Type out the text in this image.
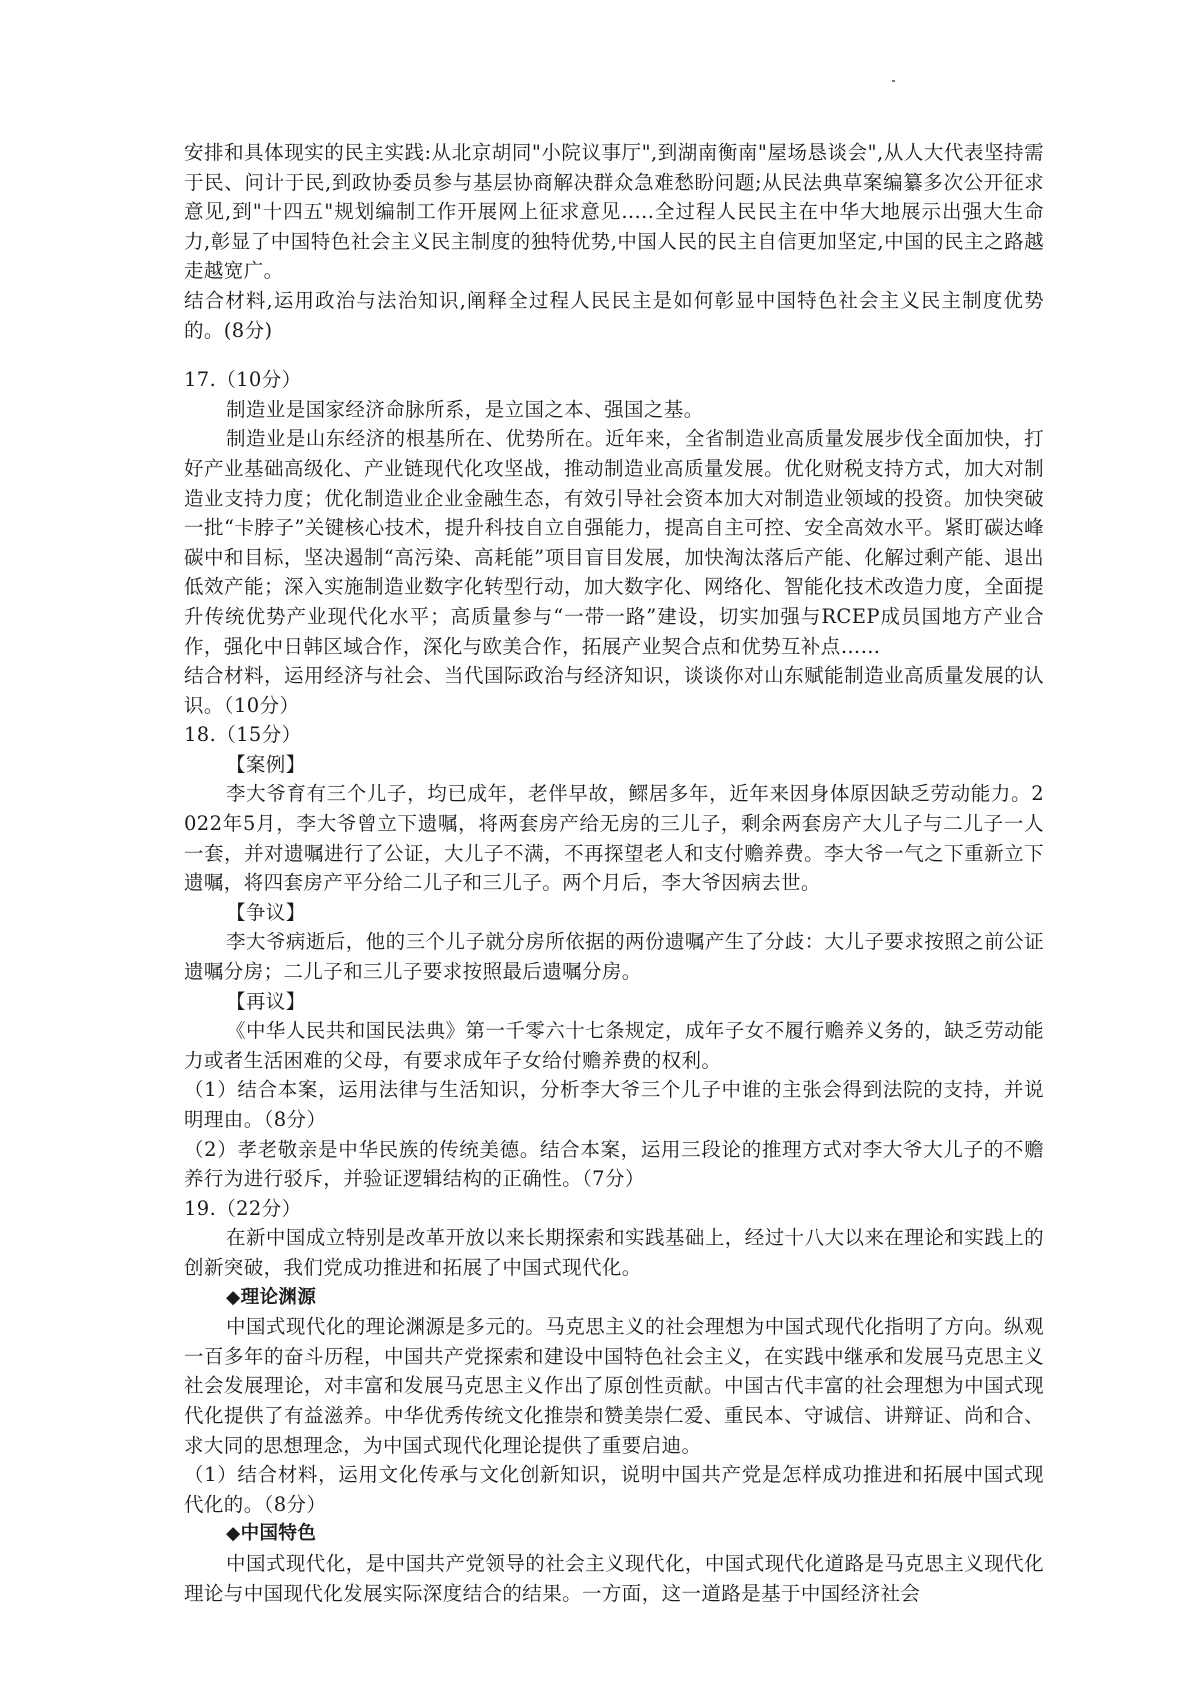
安排和具体现实的民主实践:从北京胡同"小院议事厅",到湖南衡南"屋场恳谈会",从人大代表坚持需于民、问计于民,到政协委员参与基层协商解决群众急难愁盼问题;从民法典草案编纂多次公开征求意见,到"十四五"规划编制工作开展网上征求意见.....全过程人民民主在中华大地展示出强大生命力,彰显了中国特色社会主义民主制度的独特优势,中国人民的民主自信更加坚定,中国的民主之路越走越宽广。

结合材料,运用政治与法治知识,阐释全过程人民民主是如何彰显中国特色社会主义民主制度优势的。(8分)

17.（10分）

制造业是国家经济命脉所系，是立国之本、强国之基。

制造业是山东经济的根基所在、优势所在。近年来，全省制造业高质量发展步伐全面加快，打好产业基础高级化、产业链现代化攻坚战，推动制造业高质量发展。优化财税支持方式，加大对制造业支持力度；优化制造业企业金融生态，有效引导社会资本加大对制造业领域的投资。加快突破一批“卡脖子”关键核心技术，提升科技自立自强能力，提高自主可控、安全高效水平。紧盯碳达峰碳中和目标，坚决遏制“高污染、高耗能”项目盲目发展，加快淘汰落后产能、化解过剩产能、退出低效产能；深入实施制造业数字化转型行动，加大数字化、网络化、智能化技术改造力度，全面提升传统优势产业现代化水平；高质量参与“一带一路”建设，切实加强与RCEP成员国地方产业合作，强化中日韩区域合作，深化与欧美合作，拓展产业契合点和优势互补点……

结合材料，运用经济与社会、当代国际政治与经济知识，谈谈你对山东赋能制造业高质量发展的认识。（10分）

18.（15分）

【案例】

李大爷育有三个儿子，均已成年，老伴早故，鳏居多年，近年来因身体原因缺乏劳动能力。2022年5月，李大爷曾立下遗嘱，将两套房产给无房的三儿子，剩余两套房产大儿子与二儿子一人一套，并对遗嘱进行了公证，大儿子不满，不再探望老人和支付赡养费。李大爷一气之下重新立下遗嘱，将四套房产平分给二儿子和三儿子。两个月后，李大爷因病去世。

【争议】

李大爷病逝后，他的三个儿子就分房所依据的两份遗嘱产生了分歧：大儿子要求按照之前公证遗嘱分房；二儿子和三儿子要求按照最后遗嘱分房。

【再议】

《中华人民共和国民法典》第一千零六十七条规定，成年子女不履行赡养义务的，缺乏劳动能力或者生活困难的父母，有要求成年子女给付赡养费的权利。

（1）结合本案，运用法律与生活知识，分析李大爷三个儿子中谁的主张会得到法院的支持，并说明理由。（8分）

（2）孝老敬亲是中华民族的传统美德。结合本案，运用三段论的推理方式对李大爷大儿子的不赡养行为进行驳斥，并验证逻辑结构的正确性。（7分）

19.（22分）

在新中国成立特别是改革开放以来长期探索和实践基础上，经过十八大以来在理论和实践上的创新突破，我们党成功推进和拓展了中国式现代化。

◆理论渊源

中国式现代化的理论渊源是多元的。马克思主义的社会理想为中国式现代化指明了方向。纵观一百多年的奋斗历程，中国共产党探索和建设中国特色社会主义，在实践中继承和发展马克思主义社会发展理论，对丰富和发展马克思主义作出了原创性贡献。中国古代丰富的社会理想为中国式现代化提供了有益滋养。中华优秀传统文化推崇和赞美崇仁爱、重民本、守诚信、讲辩证、尚和合、求大同的思想理念，为中国式现代化理论提供了重要启迪。

（1）结合材料，运用文化传承与文化创新知识，说明中国共产党是怎样成功推进和拓展中国式现代化的。（8分）

◆中国特色

中国式现代化，是中国共产党领导的社会主义现代化，中国式现代化道路是马克思主义现代化理论与中国现代化发展实际深度结合的结果。一方面，这一道路是基于中国经济社会
